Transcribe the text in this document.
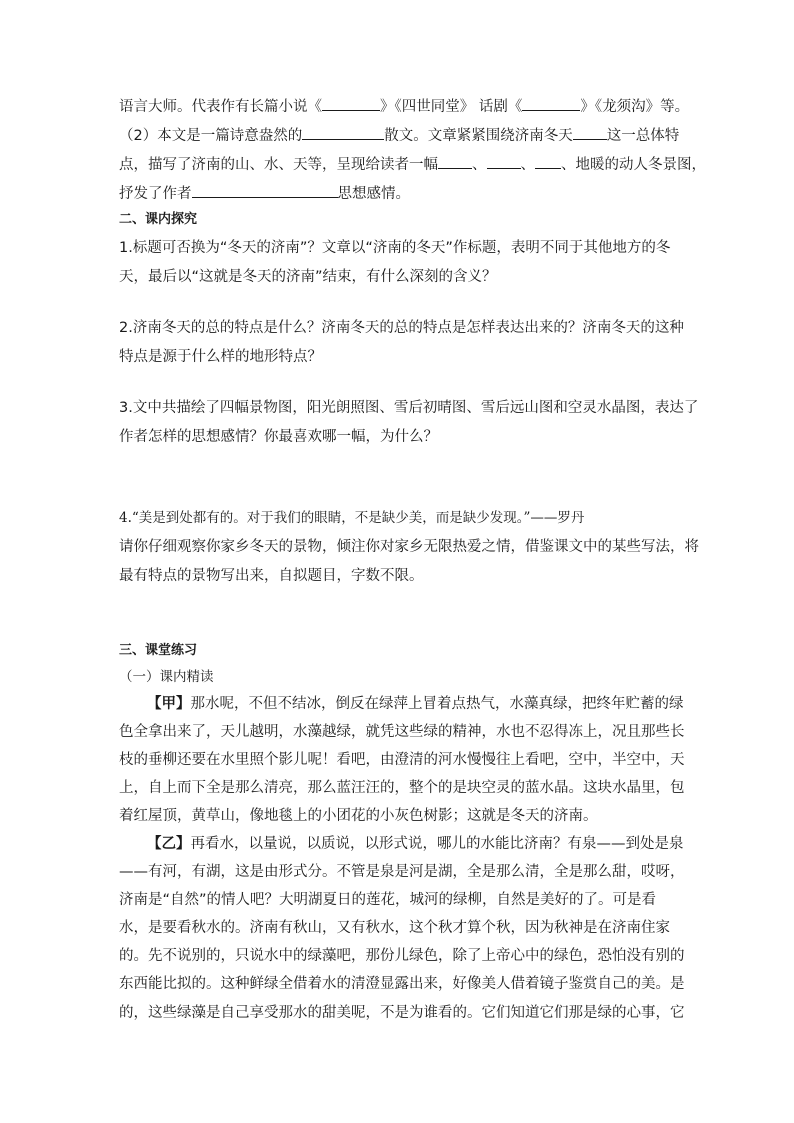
语言大师。代表作有长篇小说《	》《四世同堂》 话剧《	》《龙须沟》等。
（2）本文是一篇诗意盎然的	散文。文章紧紧围绕济南冬天 这一总体特
点，描写了济南的山、水、天等，呈现给读者一幅 、 、 、地暖的动人冬景图，
抒发了作者	思想感情。
二、课内探究
1.标题可否换为“冬天的济南”？文章以“济南的冬天”作标题，表明不同于其他地方的冬
天，最后以“这就是冬天的济南”结束，有什么深刻的含义？
2.济南冬天的总的特点是什么？济南冬天的总的特点是怎样表达出来的？济南冬天的这种
特点是源于什么样的地形特点？
3.文中共描绘了四幅景物图，阳光朗照图、雪后初晴图、雪后远山图和空灵水晶图，表达了
作者怎样的思想感情？你最喜欢哪一幅，为什么？
4.“美是到处都有的。对于我们的眼睛，不是缺少美，而是缺少发现。”——罗丹
请你仔细观察你家乡冬天的景物，倾注你对家乡无限热爱之情，借鉴课文中的某些写法，将
最有特点的景物写出来，自拟题目，字数不限。
三、课堂练习
（一）课内精读
【甲】那水呢，不但不结冰，倒反在绿萍上冒着点热气，水藻真绿，把终年贮蓄的绿
色全拿出来了，天儿越明，水藻越绿，就凭这些绿的精神，水也不忍得冻上，况且那些长
枝的垂柳还要在水里照个影儿呢！看吧，由澄清的河水慢慢往上看吧，空中，半空中，天
上，自上而下全是那么清亮，那么蓝汪汪的，整个的是块空灵的蓝水晶。这块水晶里，包
着红屋顶，黄草山，像地毯上的小团花的小灰色树影；这就是冬天的济南。
【乙】再看水，以量说，以质说，以形式说，哪儿的水能比济南？有泉——到处是泉
——有河，有湖，这是由形式分。不管是泉是河是湖，全是那么清，全是那么甜，哎呀，
济南是“自然”的情人吧？大明湖夏日的莲花，城河的绿柳，自然是美好的了。可是看
水，是要看秋水的。济南有秋山，又有秋水，这个秋才算个秋，因为秋神是在济南住家
的。先不说别的，只说水中的绿藻吧，那份儿绿色，除了上帝心中的绿色，恐怕没有别的
东西能比拟的。这种鲜绿全借着水的清澄显露出来，好像美人借着镜子鉴赏自己的美。是
的，这些绿藻是自己享受那水的甜美呢，不是为谁看的。它们知道它们那是绿的心事，它
